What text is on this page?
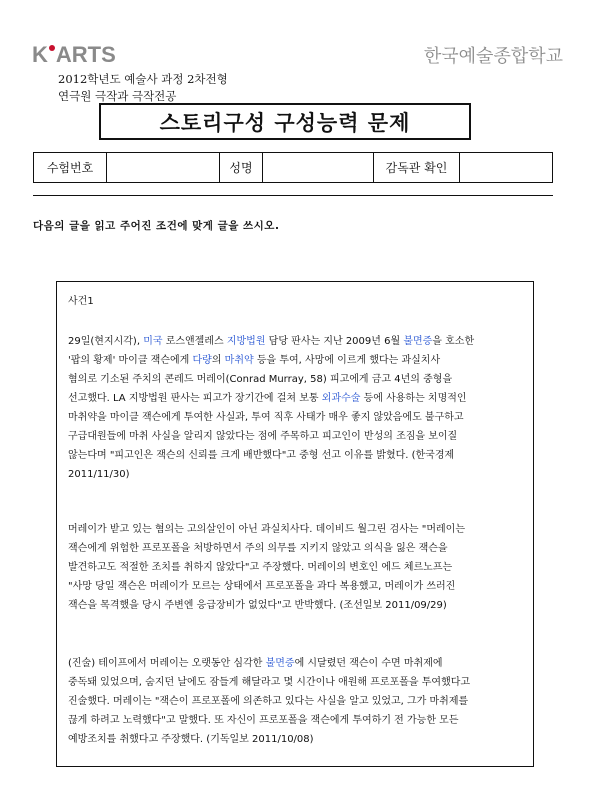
K ARTS	한국예술종합학교
2012학년도 예술사 과정 2차전형
연극원 극작과 극작전공
스토리구성 구성능력 문제
수험번호		성명		감독관 확인	
다음의 글을 읽고 주어진 조건에 맞게 글을 쓰시오.
사건1
29일(현지시각), 미국 로스앤젤레스 지방법원 담당 판사는 지난 2009년 6월 불면증을 호소한
'팝의 황제' 마이클 잭슨에게 다량의 마취약 등을 투여, 사망에 이르게 했다는 과실치사
혐의로 기소된 주치의 콘레드 머레이(Conrad Murray, 58) 피고에게 금고 4년의 중형을
선고했다. LA 지방법원 판사는 피고가 장기간에 걸쳐 보통 외과수술 등에 사용하는 치명적인
마취약을 마이클 잭슨에게 투여한 사실과, 투여 직후 사태가 매우 좋지 않았음에도 불구하고
구급대원들에 마취 사실을 알리지 않았다는 점에 주목하고 피고인이 반성의 조짐을 보이질
않는다며 "피고인은 잭슨의 신뢰를 크게 배반했다"고 중형 선고 이유를 밝혔다. (한국경제
2011/11/30)
머레이가 받고 있는 혐의는 고의살인이 아닌 과실치사다. 데이비드 월그린 검사는 "머레이는
잭슨에게 위험한 프로포폴을 처방하면서 주의 의무를 지키지 않았고 의식을 잃은 잭슨을
발견하고도 적절한 조치를 취하지 않았다"고 주장했다. 머레이의 변호인 에드 체르노프는
"사망 당일 잭슨은 머레이가 모르는 상태에서 프로포폴을 과다 복용했고, 머레이가 쓰러진
잭슨을 목격했을 당시 주변엔 응급장비가 없었다"고 반박했다. (조선일보 2011/09/29)
(진술) 테이프에서 머레이는 오랫동안 심각한 불면증에 시달렸던 잭슨이 수면 마취제에
중독돼 있었으며, 숨지던 날에도 잠들게 해달라고 몇 시간이나 애원해 프로포폴을 투여했다고
진술했다. 머레이는 "잭슨이 프로포폴에 의존하고 있다는 사실을 알고 있었고, 그가 마취제를
끊게 하려고 노력했다"고 말했다. 또 자신이 프로포폴을 잭슨에게 투여하기 전 가능한 모든
예방조치를 취했다고 주장했다. (기독일보 2011/10/08)
